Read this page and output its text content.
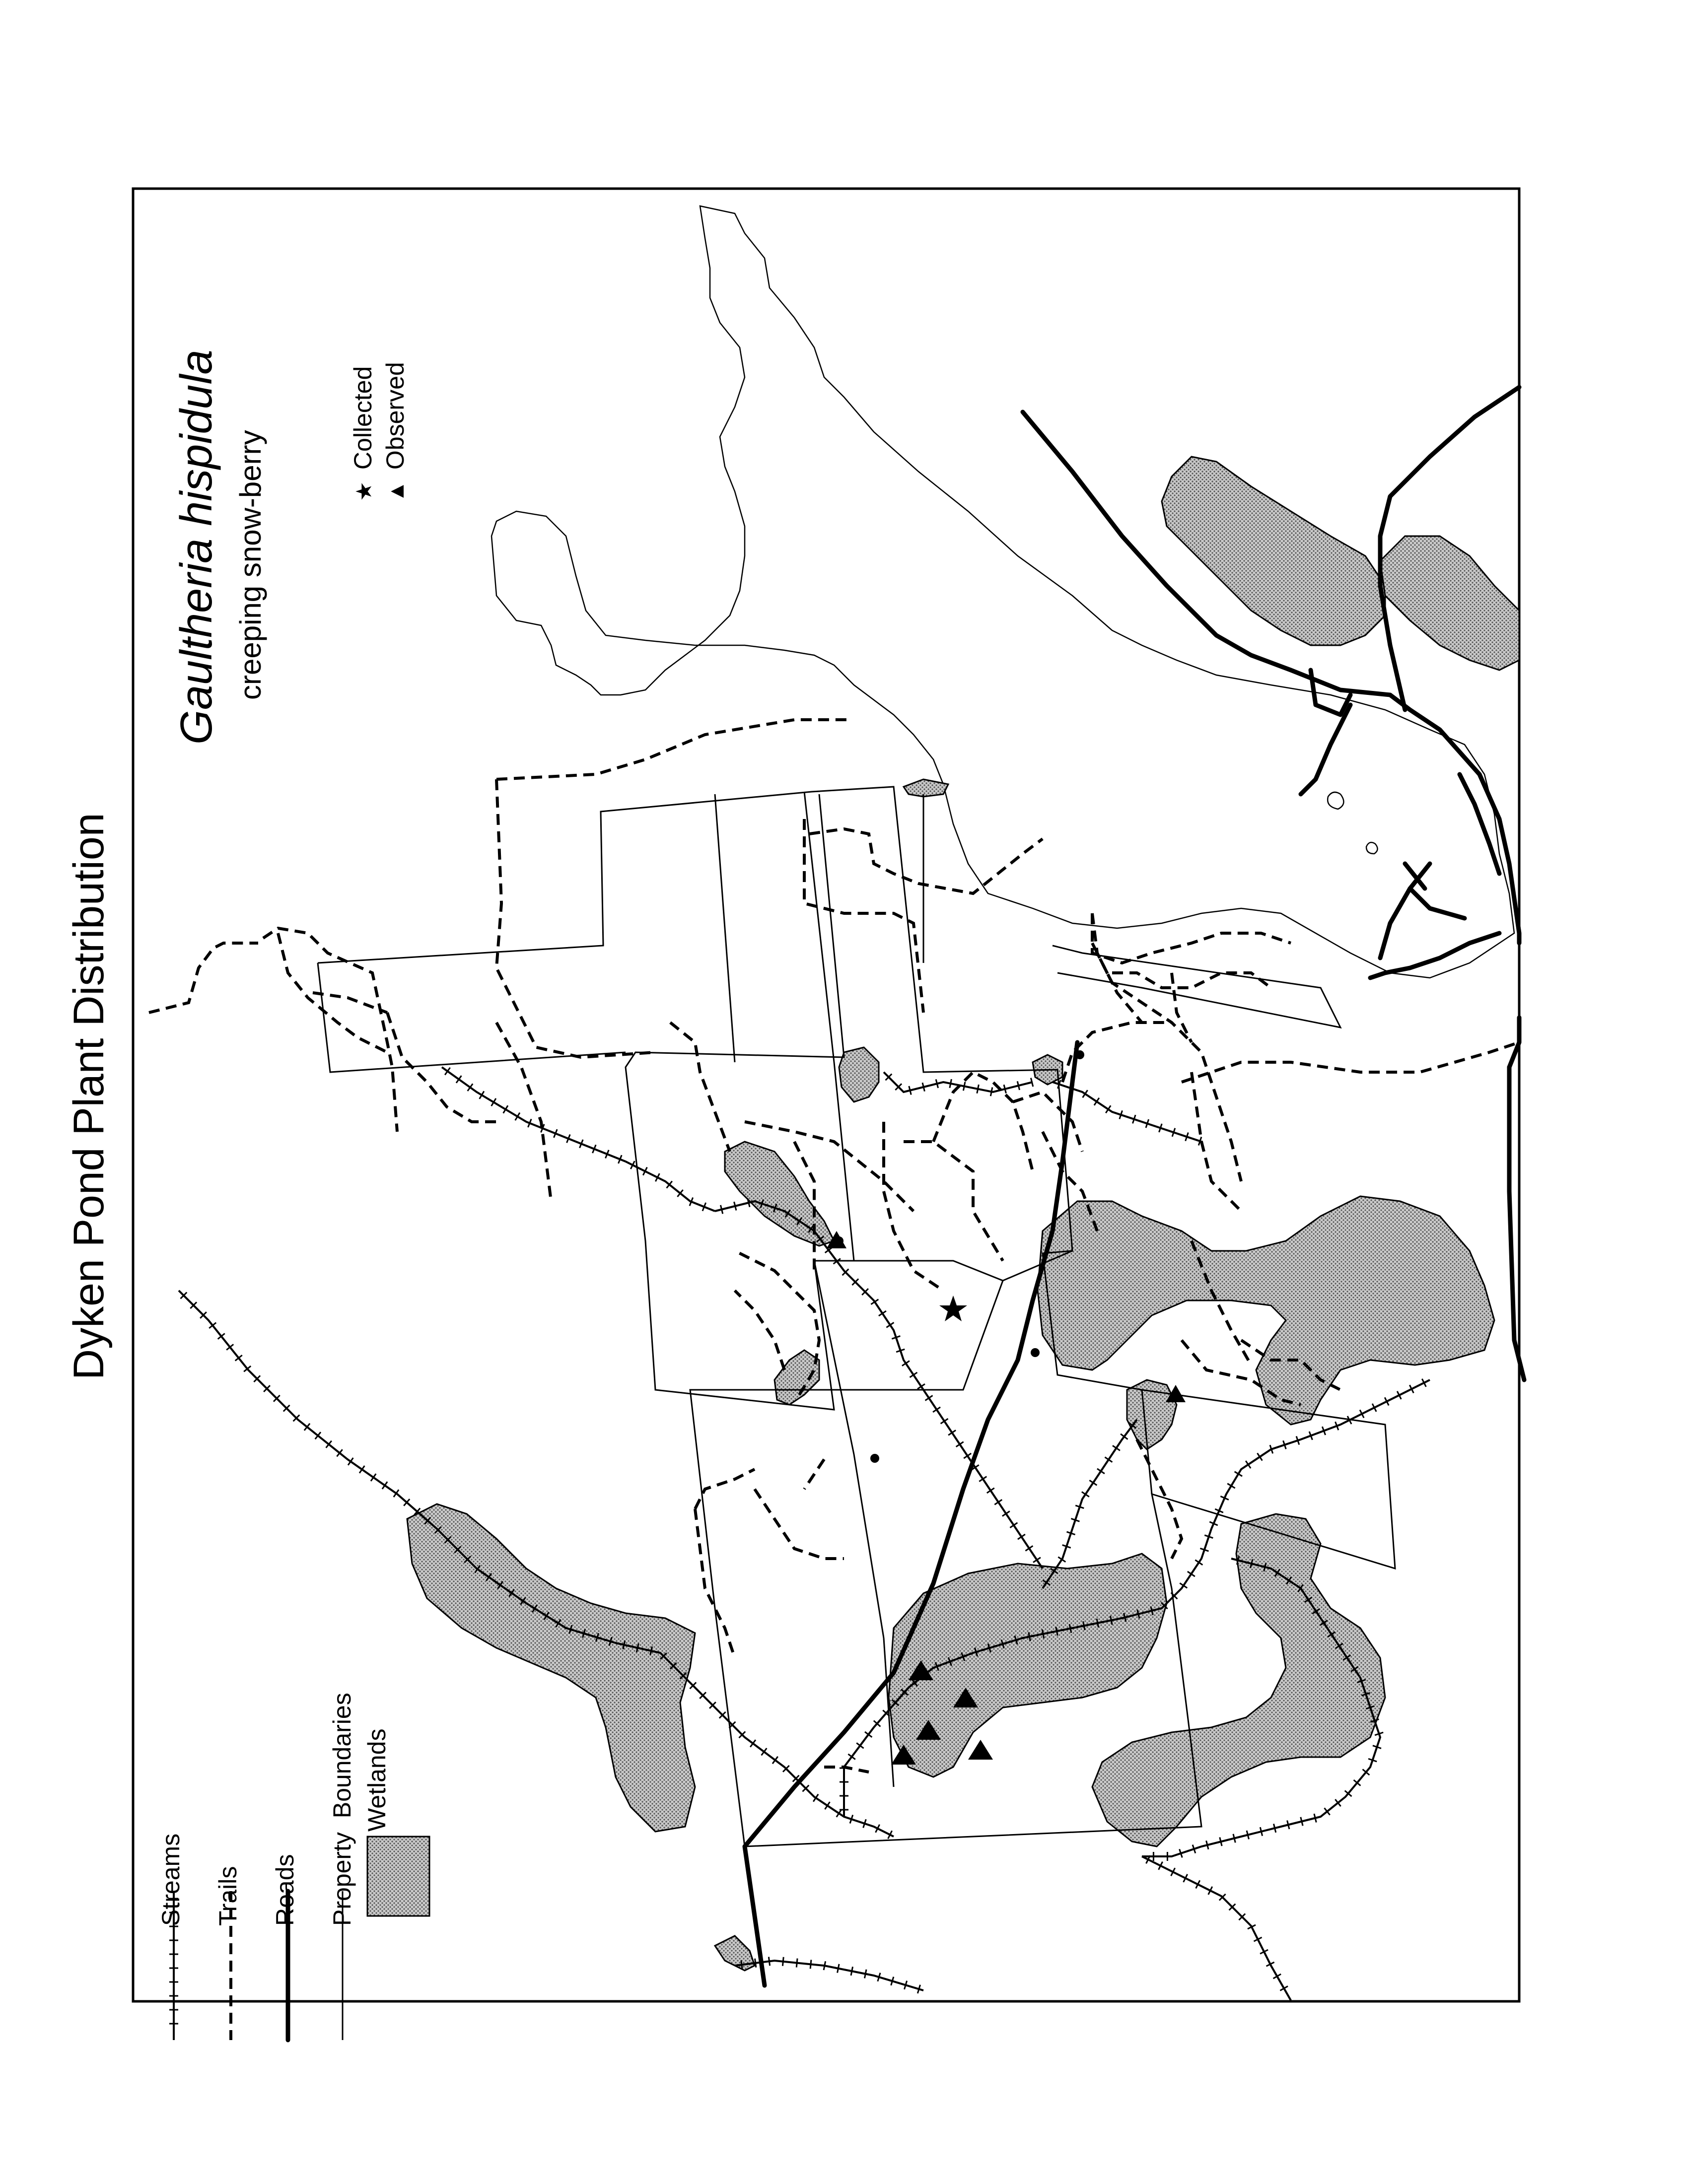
Dyken Pond Plant Distribution
Gaultheria hispidula creeping snow-berry	★ Collected
▲ Observed
Streams Trails Roads Property  Boundaries Wetlands
